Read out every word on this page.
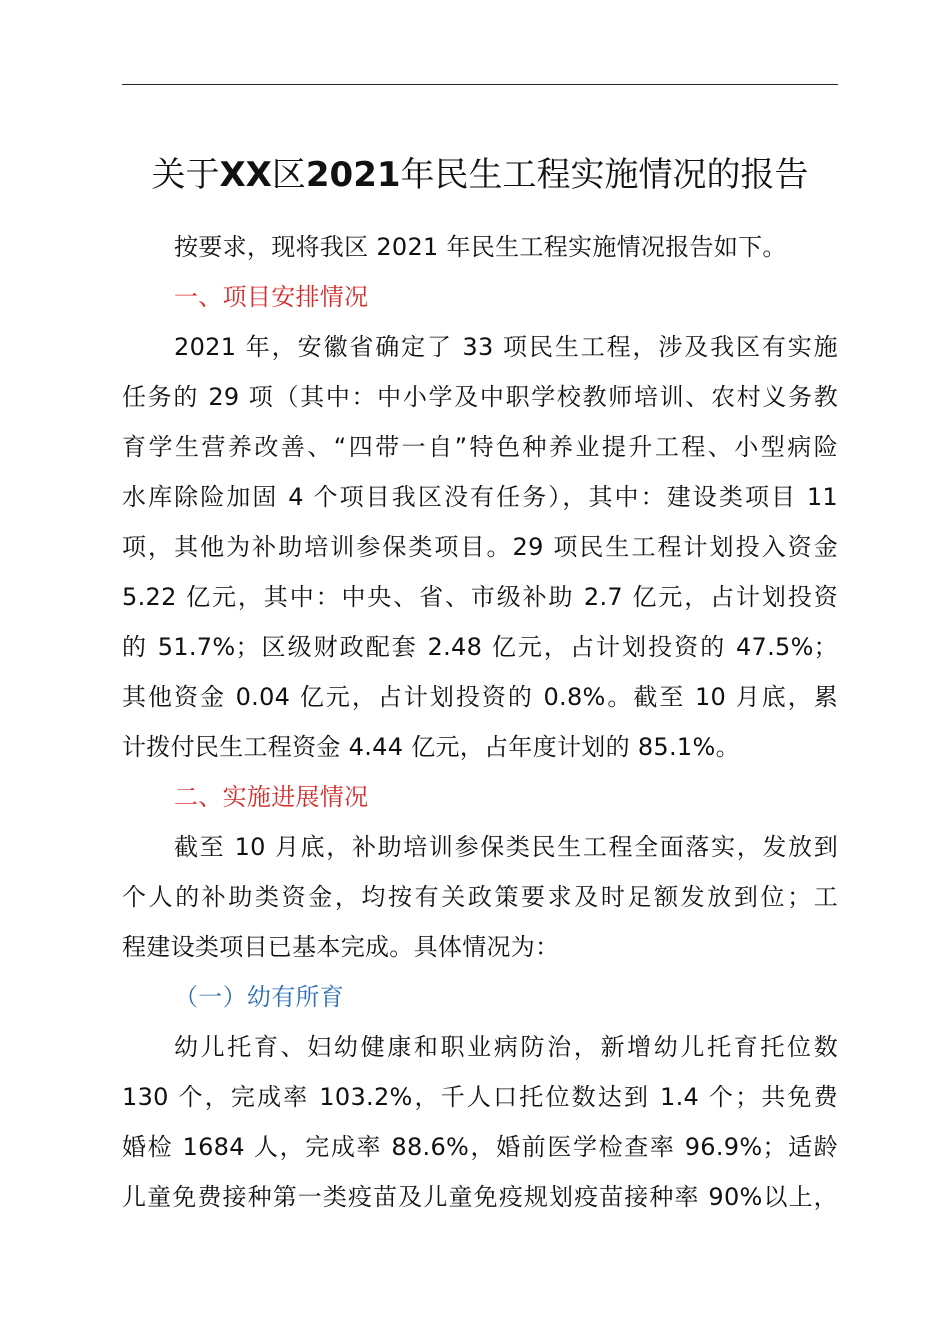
关于XX区2021年民生工程实施情况的报告
按要求，现将我区 2021 年民生工程实施情况报告如下。
一、项目安排情况
2021 年，安徽省确定了 33 项民生工程，涉及我区有实施
任务的 29 项（其中：中小学及中职学校教师培训、农村义务教
育学生营养改善、“四带一自”特色种养业提升工程、小型病险
水库除险加固 4 个项目我区没有任务），其中：建设类项目 11
项，其他为补助培训参保类项目。29 项民生工程计划投入资金
5.22 亿元，其中：中央、省、市级补助 2.7 亿元，占计划投资
的 51.7%；区级财政配套 2.48 亿元，占计划投资的 47.5%；
其他资金 0.04 亿元，占计划投资的 0.8%。截至 10 月底，累
计拨付民生工程资金 4.44 亿元，占年度计划的 85.1%。
二、实施进展情况
截至 10 月底，补助培训参保类民生工程全面落实，发放到
个人的补助类资金，均按有关政策要求及时足额发放到位；工
程建设类项目已基本完成。具体情况为：
（一）幼有所育
幼儿托育、妇幼健康和职业病防治，新增幼儿托育托位数
130 个，完成率 103.2%，千人口托位数达到 1.4 个；共免费
婚检 1684 人，完成率 88.6%，婚前医学检查率 96.9%；适龄
儿童免费接种第一类疫苗及儿童免疫规划疫苗接种率 90%以上，
